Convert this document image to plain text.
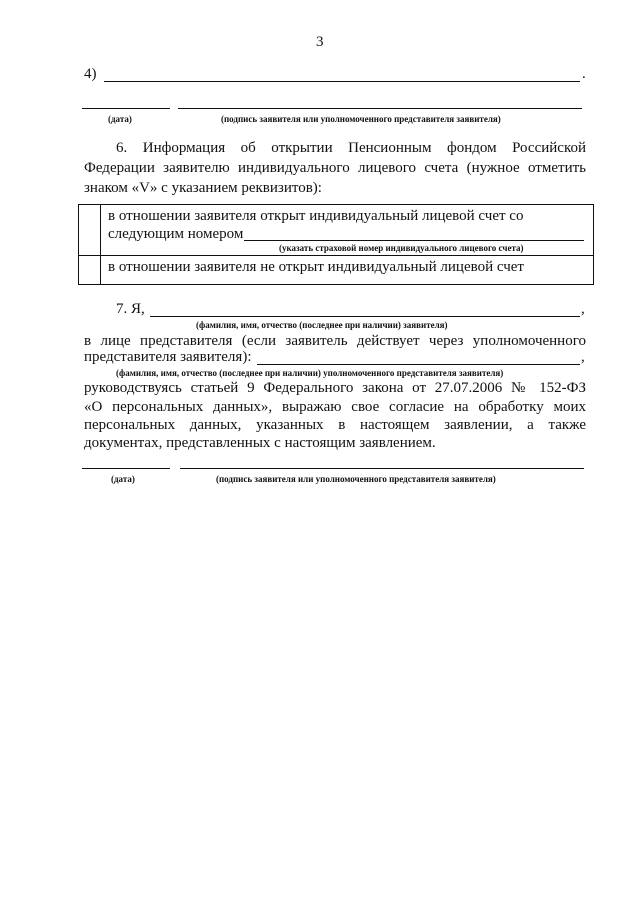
3
4)	.
(дата)	(подпись заявителя или уполномоченного представителя заявителя)
6. Информация об открытии Пенсионным фондом Российской
Федерации заявителю индивидуального лицевого счета (нужное отметить
знаком «V» с указанием реквизитов):
в отношении заявителя открыт индивидуальный лицевой счет со
следующим номером
(указать страховой номер индивидуального лицевого счета)
в отношении заявителя не открыт индивидуальный лицевой счет
7. Я,	,
(фамилия, имя, отчество (последнее при наличии) заявителя)
в лице представителя (если заявитель действует через уполномоченного
представителя заявителя):	,
(фамилия, имя, отчество (последнее при наличии) уполномоченного представителя заявителя)
руководствуясь статьей 9 Федерального закона от 27.07.2006 № 152-ФЗ
«О персональных данных», выражаю свое согласие на обработку моих
персональных данных, указанных в настоящем заявлении, а также
документах, представленных с настоящим заявлением.
(дата)	(подпись заявителя или уполномоченного представителя заявителя)
